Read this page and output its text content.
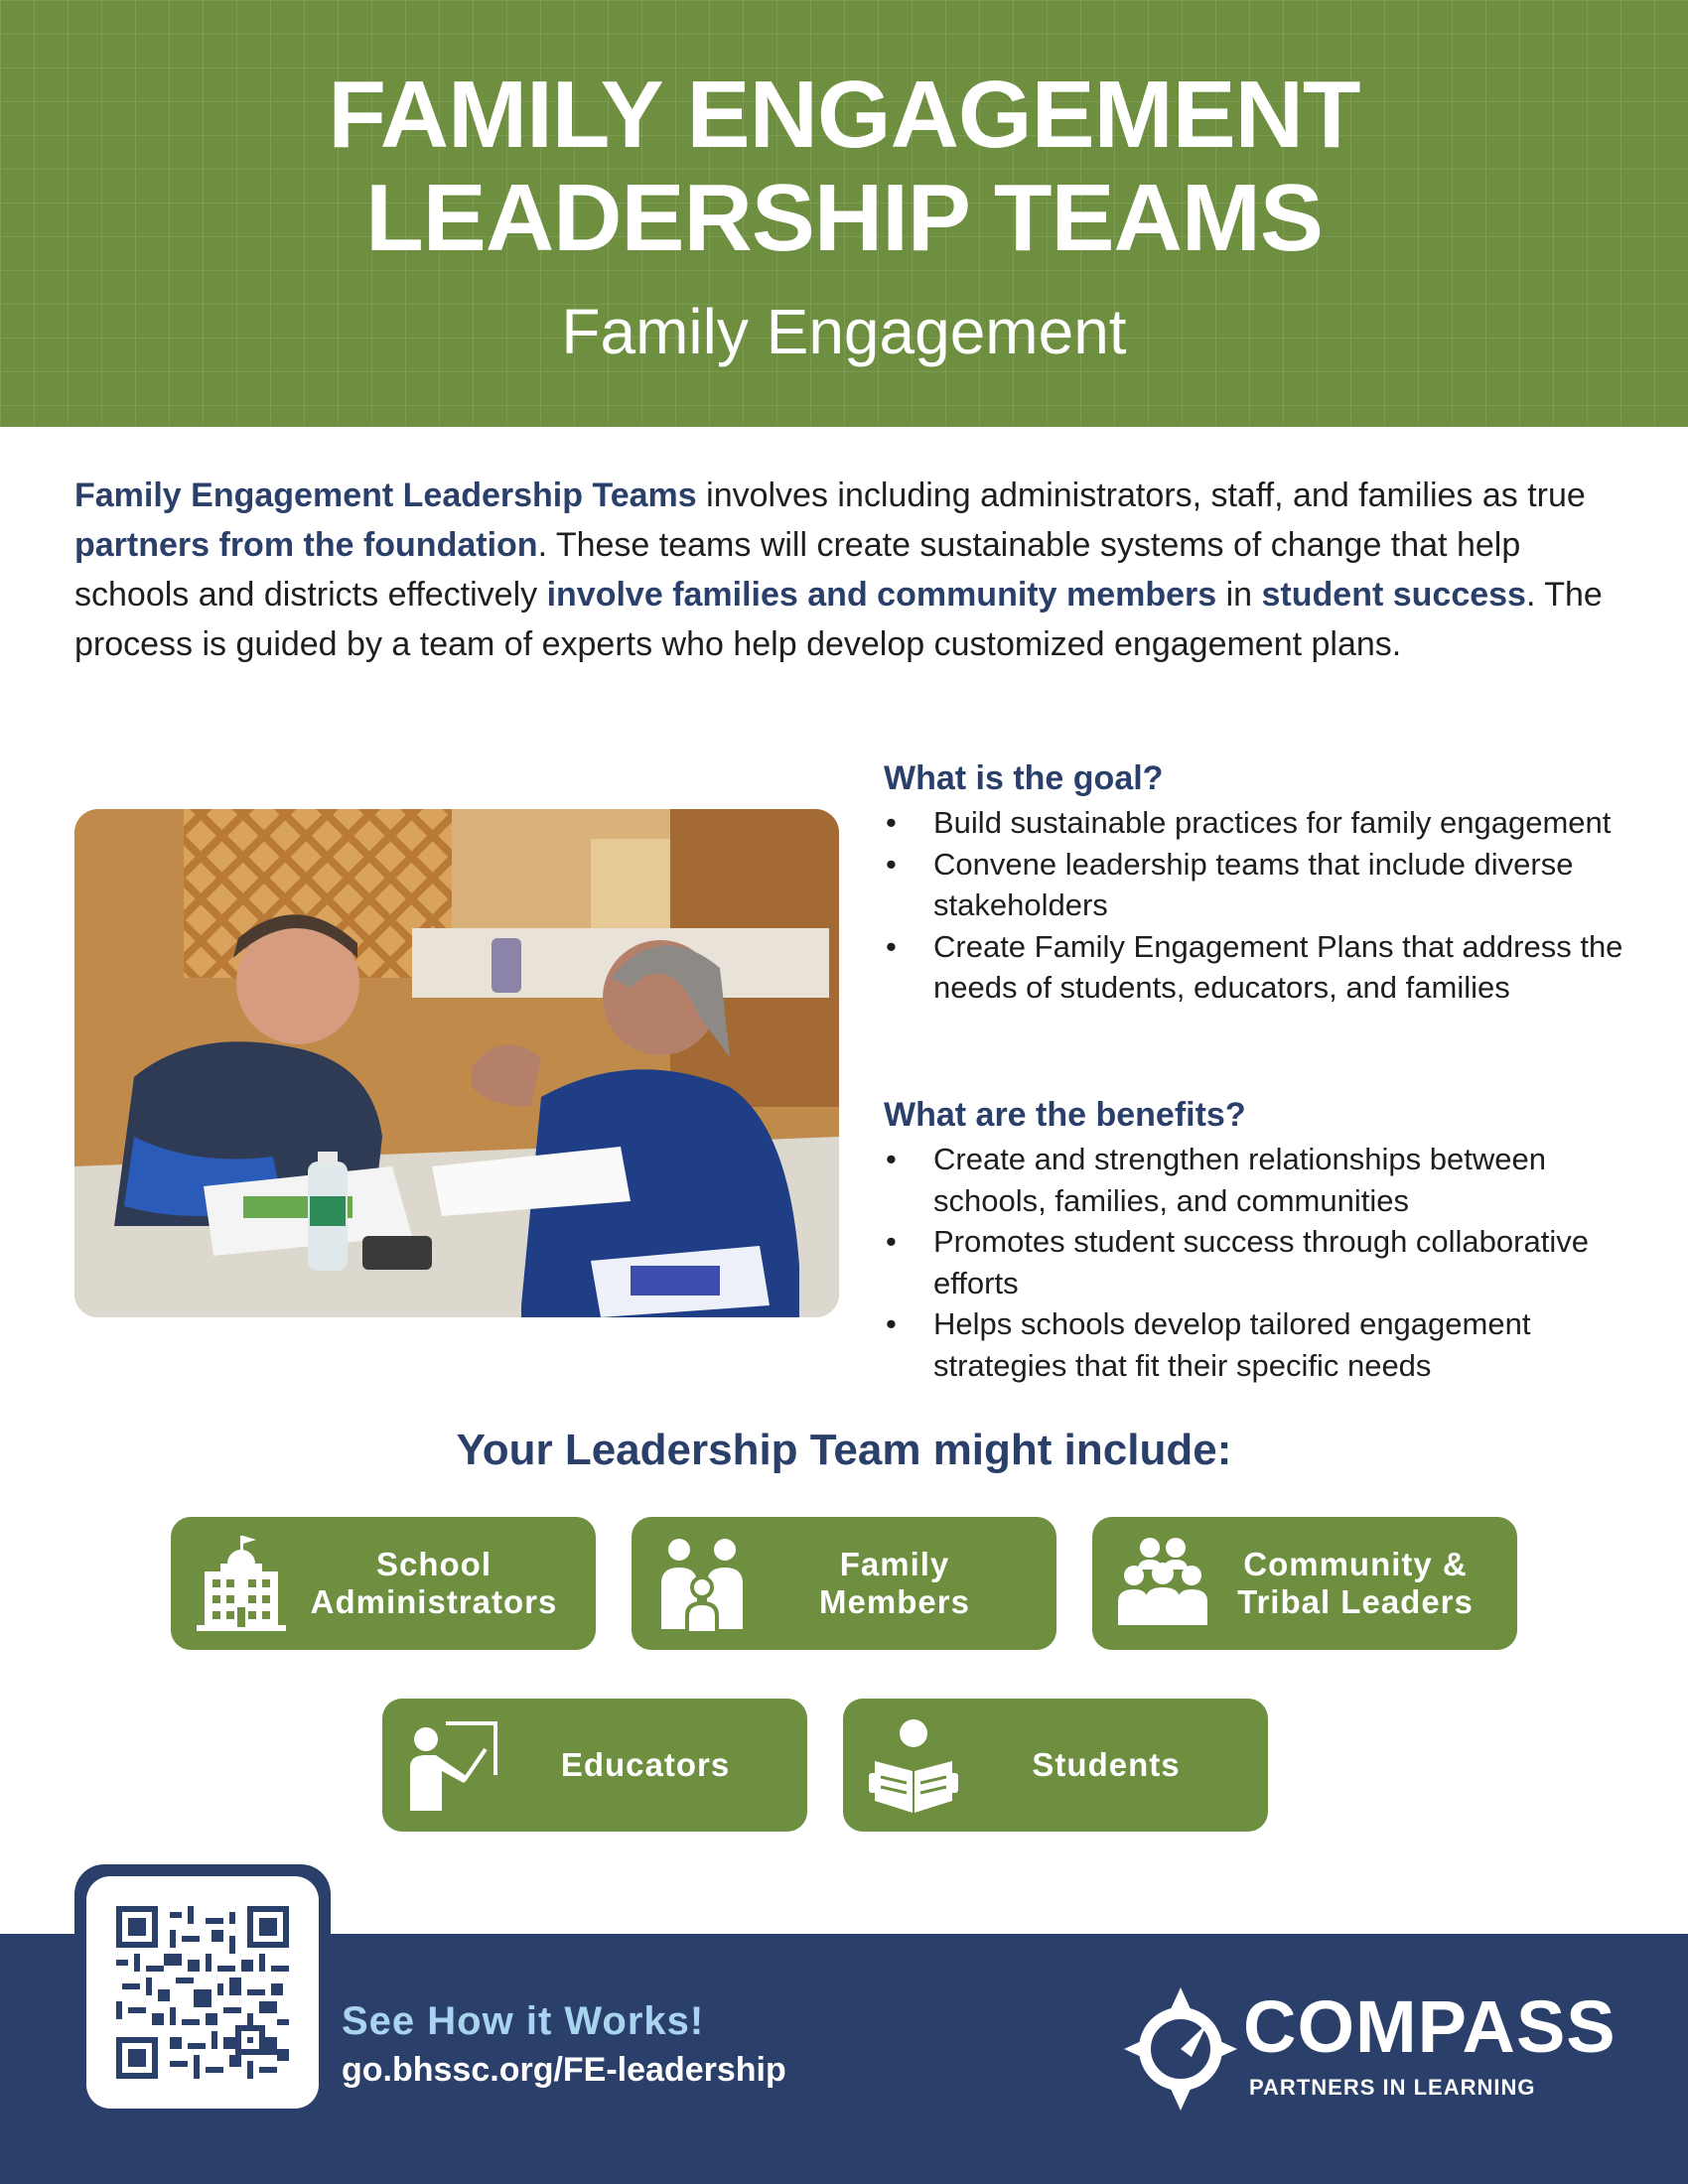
FAMILY ENGAGEMENT
LEADERSHIP TEAMS
Family Engagement

Family Engagement Leadership Teams involves including administrators, staff, and families as true partners from the foundation. These teams will create sustainable systems of change that help schools and districts effectively involve families and community members in student success. The process is guided by a team of experts who help develop customized engagement plans.

What is the goal?
• Build sustainable practices for family engagement
• Convene leadership teams that include diverse stakeholders
• Create Family Engagement Plans that address the needs of students, educators, and families
What are the benefits?
• Create and strengthen relationships between schools, families, and communities
• Promotes student success through collaborative efforts
• Helps schools develop tailored engagement strategies that fit their specific needs
Your Leadership Team might include:
School
Administrators
Family
Members
Community &
Tribal Leaders
Educators	Students
See How it Works!
go.bhssc.org/FE-leadership
COMPASS
PARTNERS IN LEARNING
